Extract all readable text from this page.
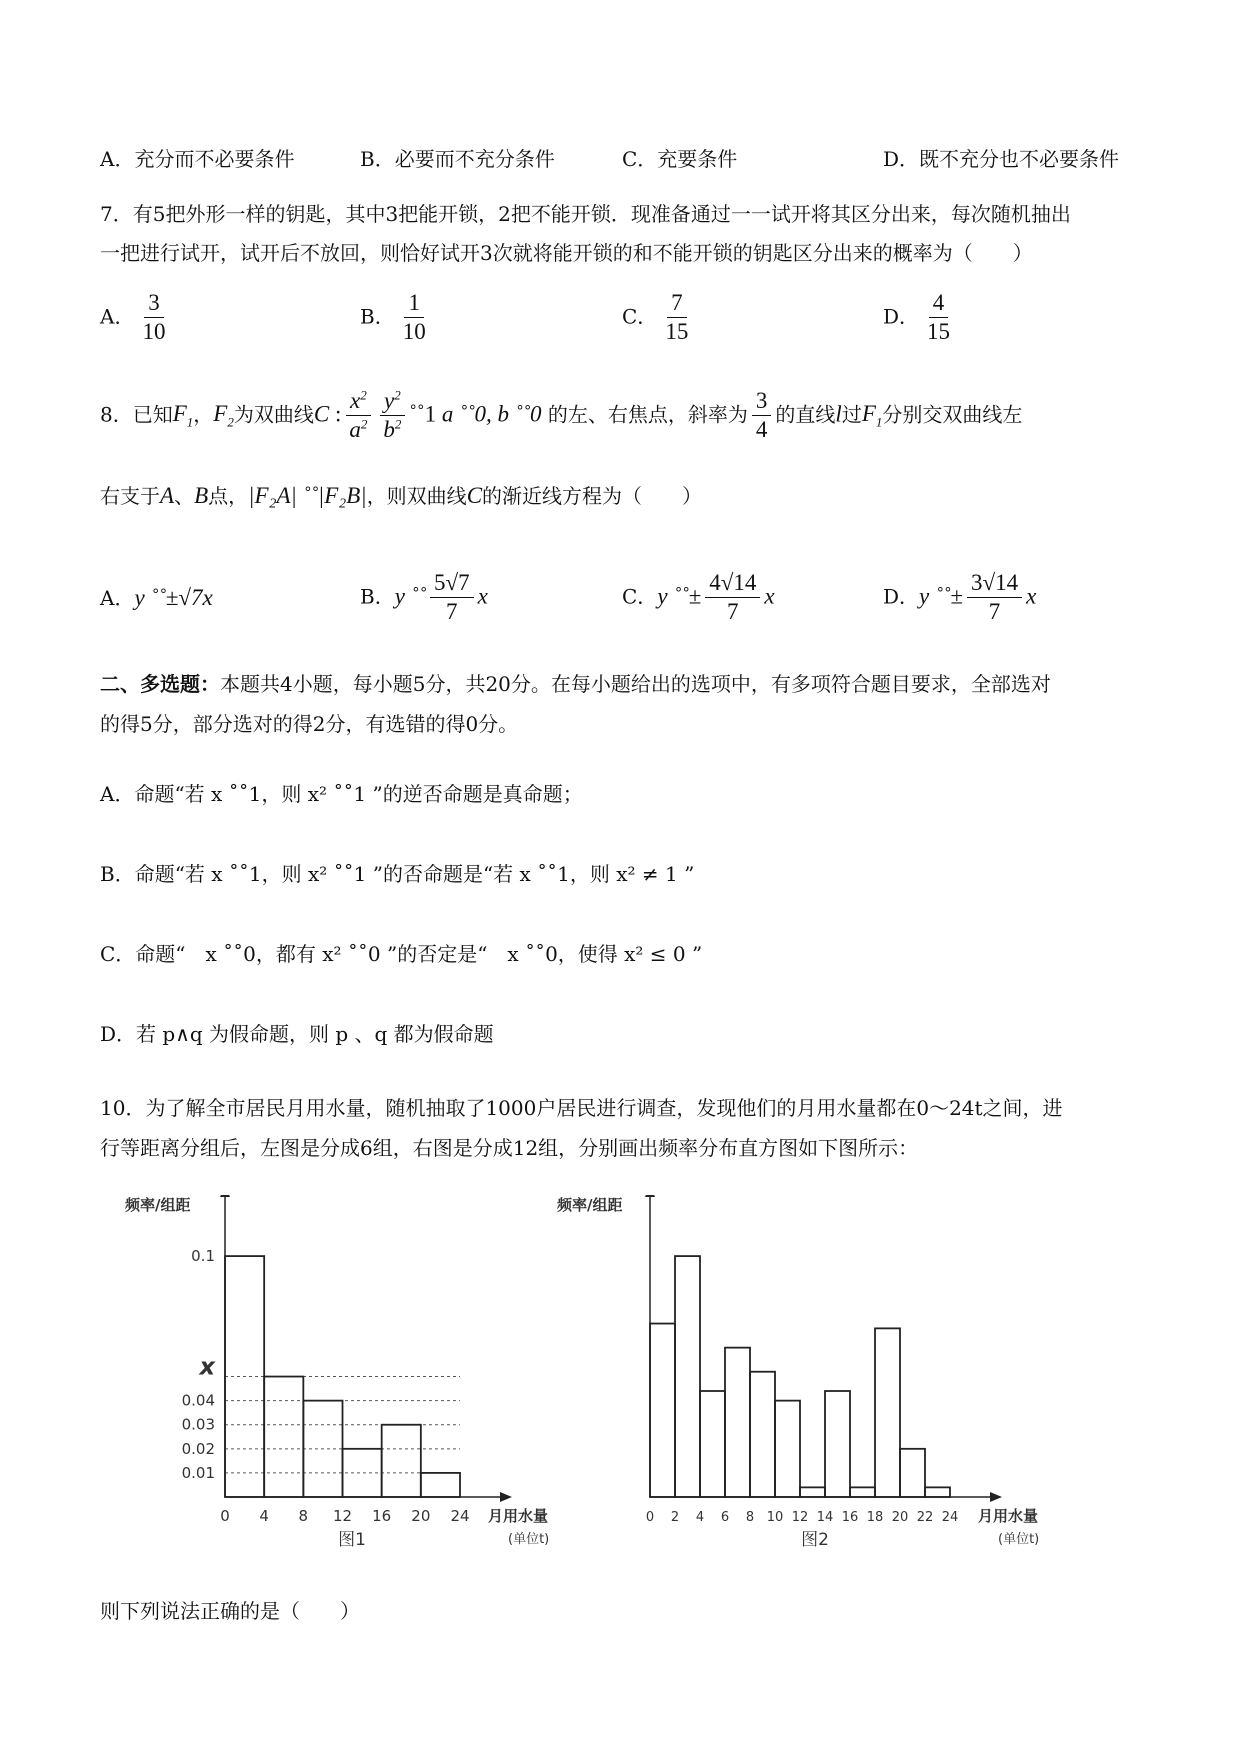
A．充分而不必要条件	B．必要而不充分条件	C．充要条件	D．既不充分也不必要条件
7．有5把外形一样的钥匙，其中3把能开锁，2把不能开锁．现准备通过一一试开将其区分出来，每次随机抽出
一把进行试开，试开后不放回，则恰好试开3次就将能开锁的和不能开锁的钥匙区分出来的概率为（　　）
A． $\frac{3}{10}$	B． $\frac{1}{10}$	C． $\frac{7}{15}$	D． $\frac{4}{15}$
8．已知$F_1$，$F_2$为双曲线C : $\frac{x^2}{a^2} \frac{y^2}{b^2}$ ˚˚1 a ˚˚0, b ˚˚0 的左、右焦点，斜率为 $\frac{3}{4}$ 的直线l过$F_1$分别交双曲线左
右支于A、B点，|F₂A| ˚˚|F₂B|，则双曲线C的渐近线方程为（　　）
A．y ˚˚±√7x	B．y ˚˚ $\frac{5√7}{7}$ x	C．y ˚˚± $\frac{4√14}{7}$ x	D．y ˚˚± $\frac{3√14}{7}$ x
二、多选题：本题共4小题，每小题5分，共20分。在每小题给出的选项中，有多项符合题目要求，全部选对
的得5分，部分选对的得2分，有选错的得0分。
A．命题“若 x ˚˚1，则 x² ˚˚1 ”的逆否命题是真命题；
B．命题“若 x ˚˚1，则 x² ˚˚1 ”的否命题是“若 x ˚˚1，则 x² ≠ 1 ”
C．命题“　x ˚˚0，都有 x² ˚˚0 ”的否定是“　x ˚˚0，使得 x² ≤ 0 ”
D．若 p∧q 为假命题，则 p 、q 都为假命题
10．为了解全市居民月用水量，随机抽取了1000户居民进行调查，发现他们的月用水量都在0～24t之间，进
行等距离分组后，左图是分成6组，右图是分成12组，分别画出频率分布直方图如下图所示：
0 4 8 12 16 20 24
0.01
0.02
0.03
0.04
x
0.1
频率/组距
月用水量
(单位t)
图1
0 2 4 6 8 10 12 14 16 18 20 22 24
频率/组距
月用水量
(单位t)
图2
则下列说法正确的是（　　）
